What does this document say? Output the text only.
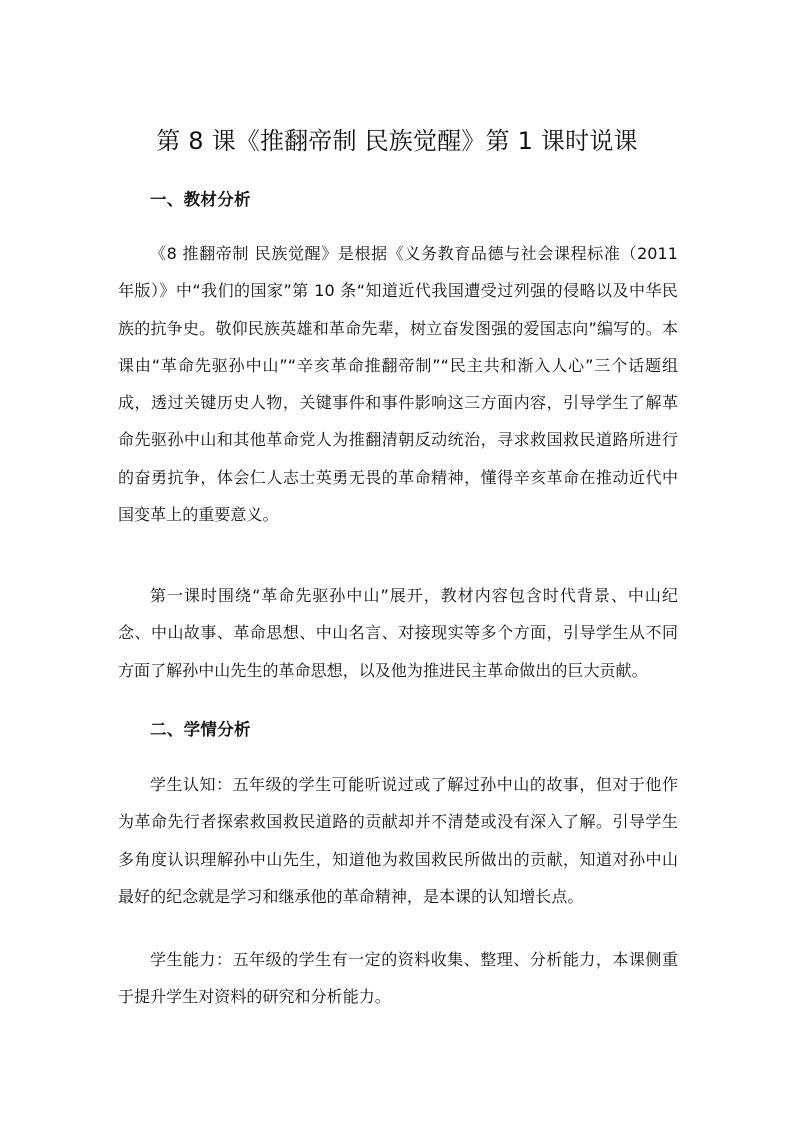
第 8 课《推翻帝制 民族觉醒》第 1 课时说课
一、教材分析

《8 推翻帝制 民族觉醒》是根据《义务教育品德与社会课程标准（2011 年版）》中“我们的国家”第 10 条“知道近代我国遭受过列强的侵略以及中华民族的抗争史。敬仰民族英雄和革命先辈，树立奋发图强的爱国志向”编写的。本课由“革命先驱孙中山”“辛亥革命推翻帝制”“民主共和渐入人心”三个话题组成，透过关键历史人物，关键事件和事件影响这三方面内容，引导学生了解革命先驱孙中山和其他革命党人为推翻清朝反动统治，寻求救国救民道路所进行的奋勇抗争，体会仁人志士英勇无畏的革命精神，懂得辛亥革命在推动近代中国变革上的重要意义。

第一课时围绕“革命先驱孙中山”展开，教材内容包含时代背景、中山纪念、中山故事、革命思想、中山名言、对接现实等多个方面，引导学生从不同方面了解孙中山先生的革命思想，以及他为推进民主革命做出的巨大贡献。

二、学情分析

学生认知：五年级的学生可能听说过或了解过孙中山的故事，但对于他作为革命先行者探索救国救民道路的贡献却并不清楚或没有深入了解。引导学生多角度认识理解孙中山先生，知道他为救国救民所做出的贡献，知道对孙中山最好的纪念就是学习和继承他的革命精神，是本课的认知增长点。

学生能力：五年级的学生有一定的资料收集、整理、分析能力，本课侧重于提升学生对资料的研究和分析能力。
